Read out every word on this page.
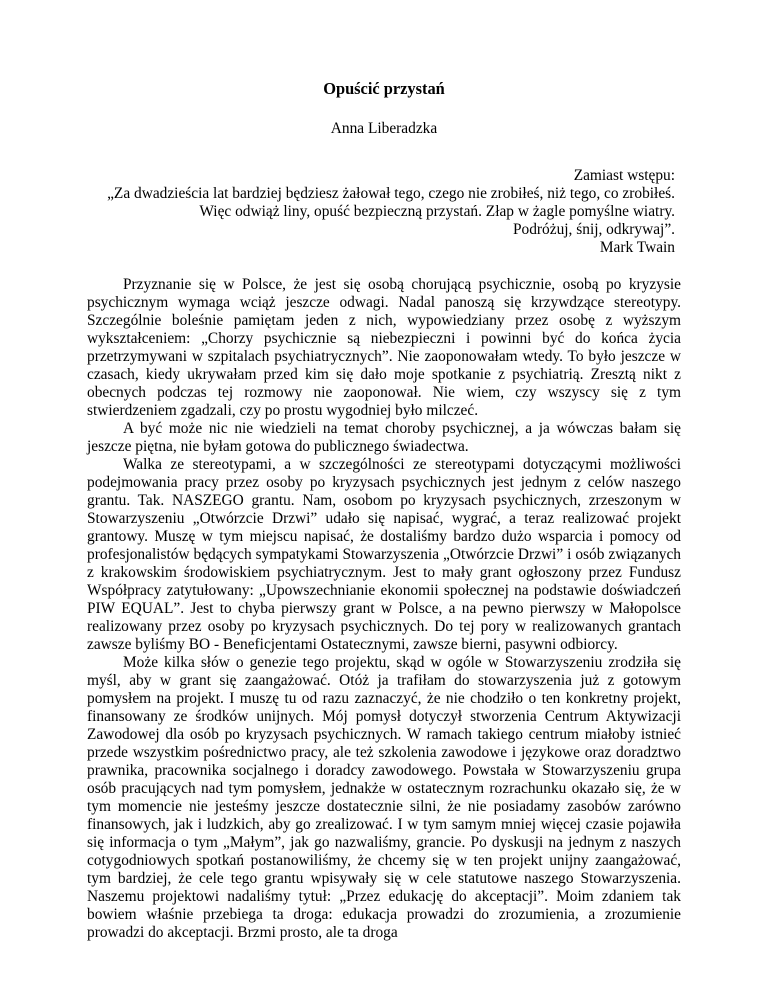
Opuścić przystań
Anna Liberadzka
Zamiast wstępu:
„Za dwadzieścia lat bardziej będziesz żałował tego, czego nie zrobiłeś, niż tego, co zrobiłeś.
Więc odwiąż liny, opuść bezpieczną przystań. Złap w żagle pomyślne wiatry.
Podróżuj, śnij, odkrywaj”.
Mark Twain

Przyznanie się w Polsce, że jest się osobą chorującą psychicznie, osobą po kryzysie psychicznym wymaga wciąż jeszcze odwagi. Nadal panoszą się krzywdzące stereotypy. Szczególnie boleśnie pamiętam jeden z nich, wypowiedziany przez osobę z wyższym wykształceniem: „Chorzy psychicznie są niebezpieczni i powinni być do końca życia przetrzymywani w szpitalach psychiatrycznych”. Nie zaoponowałam wtedy. To było jeszcze w czasach, kiedy ukrywałam przed kim się dało moje spotkanie z psychiatrią. Zresztą nikt z obecnych podczas tej rozmowy nie zaoponował. Nie wiem, czy wszyscy się z tym stwierdzeniem zgadzali, czy po prostu wygodniej było milczeć.

A być może nic nie wiedzieli na temat choroby psychicznej, a ja wówczas bałam się jeszcze piętna, nie byłam gotowa do publicznego świadectwa.

Walka ze stereotypami, a w szczególności ze stereotypami dotyczącymi możliwości podejmowania pracy przez osoby po kryzysach psychicznych jest jednym z celów naszego grantu. Tak. NASZEGO grantu. Nam, osobom po kryzysach psychicznych, zrzeszonym w Stowarzyszeniu „Otwórzcie Drzwi” udało się napisać, wygrać, a teraz realizować projekt grantowy. Muszę w tym miejscu napisać, że dostaliśmy bardzo dużo wsparcia i pomocy od profesjonalistów będących sympatykami Stowarzyszenia „Otwórzcie Drzwi” i osób związanych z krakowskim środowiskiem psychiatrycznym. Jest to mały grant ogłoszony przez Fundusz Współpracy zatytułowany: „Upowszechnianie ekonomii społecznej na podstawie doświadczeń PIW EQUAL”. Jest to chyba pierwszy grant w Polsce, a na pewno pierwszy w Małopolsce realizowany przez osoby po kryzysach psychicznych. Do tej pory w realizowanych grantach zawsze byliśmy BO - Beneficjentami Ostatecznymi, zawsze bierni, pasywni odbiorcy.

Może kilka słów o genezie tego projektu, skąd w ogóle w Stowarzyszeniu zrodziła się myśl, aby w grant się zaangażować. Otóż ja trafiłam do stowarzyszenia już z gotowym pomysłem na projekt. I muszę tu od razu zaznaczyć, że nie chodziło o ten konkretny projekt, finansowany ze środków unijnych. Mój pomysł dotyczył stworzenia Centrum Aktywizacji Zawodowej dla osób po kryzysach psychicznych. W ramach takiego centrum miałoby istnieć przede wszystkim pośrednictwo pracy, ale też szkolenia zawodowe i językowe oraz doradztwo prawnika, pracownika socjalnego i doradcy zawodowego. Powstała w Stowarzyszeniu grupa osób pracujących nad tym pomysłem, jednakże w ostatecznym rozrachunku okazało się, że w tym momencie nie jesteśmy jeszcze dostatecznie silni, że nie posiadamy zasobów zarówno finansowych, jak i ludzkich, aby go zrealizować. I w tym samym mniej więcej czasie pojawiła się informacja o tym „Małym”, jak go nazwaliśmy, grancie. Po dyskusji na jednym z naszych cotygodniowych spotkań postanowiliśmy, że chcemy się w ten projekt unijny zaangażować, tym bardziej, że cele tego grantu wpisywały się w cele statutowe naszego Stowarzyszenia. Naszemu projektowi nadaliśmy tytuł: „Przez edukację do akceptacji”. Moim zdaniem tak bowiem właśnie przebiega ta droga: edukacja prowadzi do zrozumienia, a zrozumienie prowadzi do akceptacji. Brzmi prosto, ale ta droga
